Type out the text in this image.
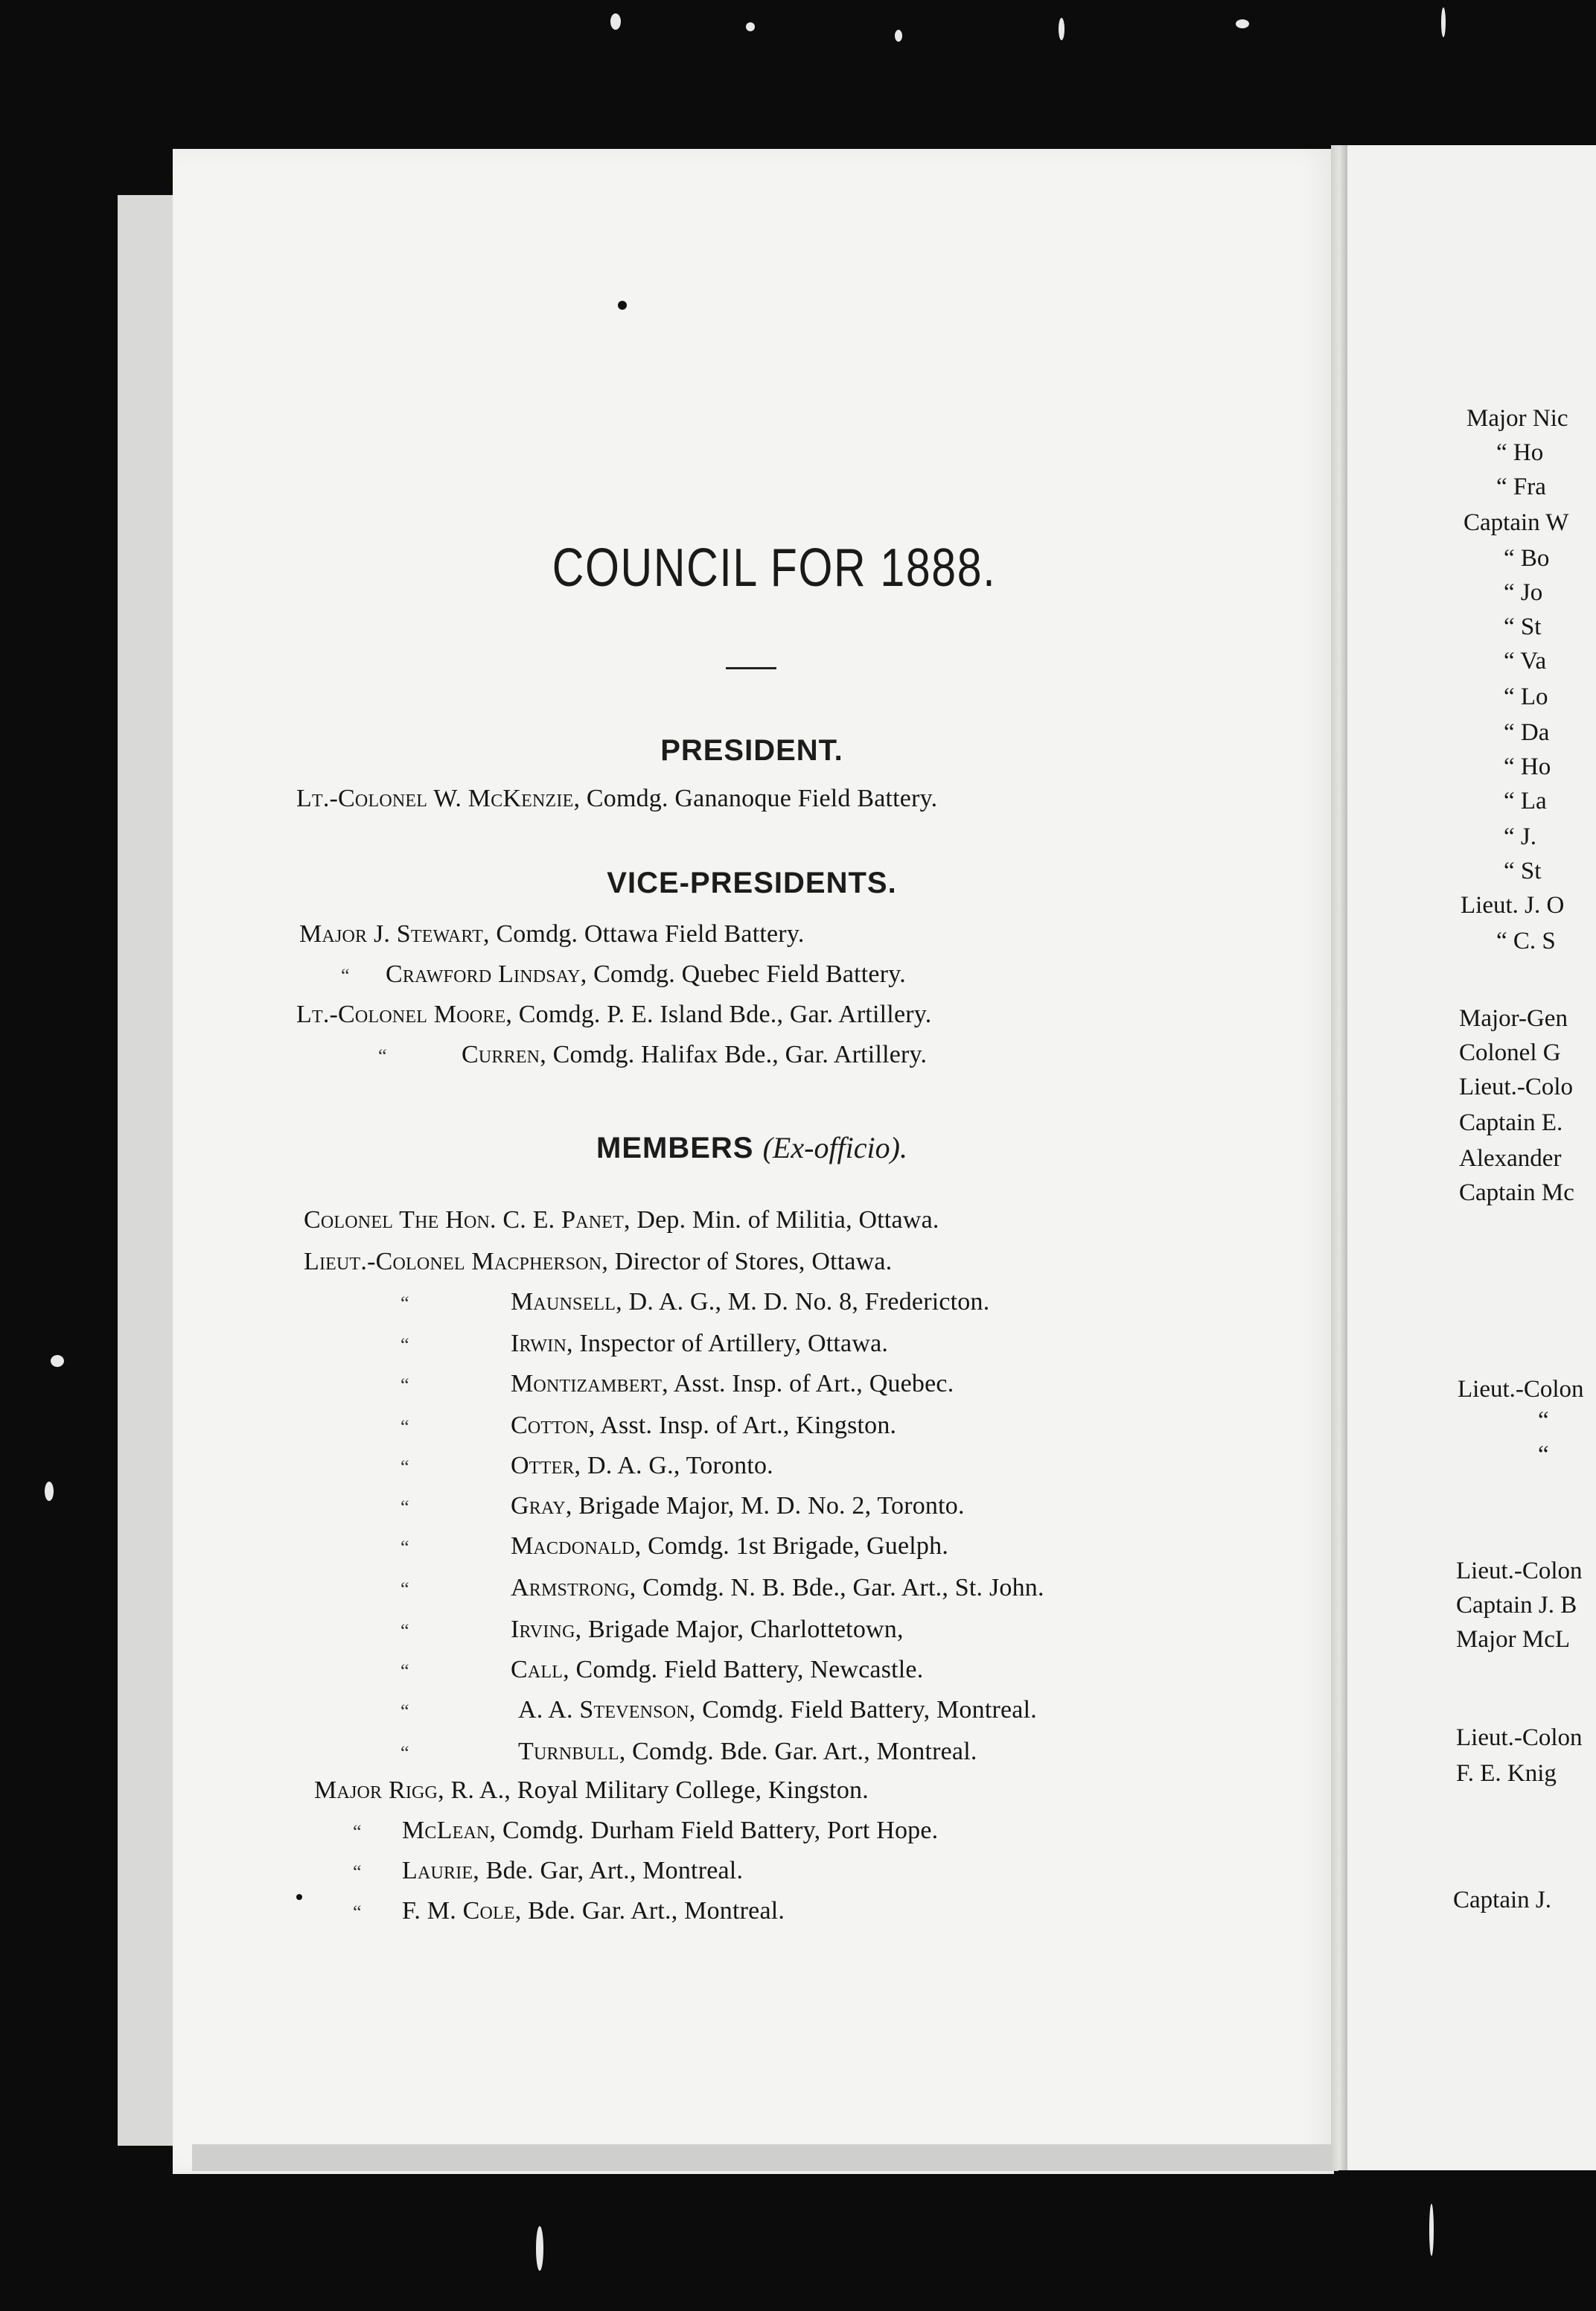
COUNCIL FOR 1888.
PRESIDENT.
Lt.-Colonel W. McKenzie, Comdg. Gananoque Field Battery.
VICE-PRESIDENTS.
Major J. Stewart, Comdg. Ottawa Field Battery.
“ Crawford Lindsay, Comdg. Quebec Field Battery.
Lt.-Colonel Moore, Comdg. P. E. Island Bde., Gar. Artillery.
“	Curren, Comdg. Halifax Bde., Gar. Artillery.
MEMBERS (Ex-officio).
Colonel The Hon. C. E. Panet, Dep. Min. of Militia, Ottawa.
Lieut.-Colonel Macpherson, Director of Stores, Ottawa.
“	Maunsell, D. A. G., M. D. No. 8, Fredericton.
“	Irwin, Inspector of Artillery, Ottawa.
“	Montizambert, Asst. Insp. of Art., Quebec.
“	Cotton, Asst. Insp. of Art., Kingston.
“	Otter, D. A. G., Toronto.
“	Gray, Brigade Major, M. D. No. 2, Toronto.
“	Macdonald, Comdg. 1st Brigade, Guelph.
“	Armstrong, Comdg. N. B. Bde., Gar. Art., St. John.
“	Irving, Brigade Major, Charlottetown,
“	Call, Comdg. Field Battery, Newcastle.
“	A. A. Stevenson, Comdg. Field Battery, Montreal.
“	Turnbull, Comdg. Bde. Gar. Art., Montreal.
Major Rigg, R. A., Royal Military College, Kingston.
“ McLean, Comdg. Durham Field Battery, Port Hope.
“ Laurie, Bde. Gar, Art., Montreal.
“ F. M. Cole, Bde. Gar. Art., Montreal.
Major Nic
“ Ho
“ Fra
Captain W
“ Bo
“ Jo
“ St
“ Va
“ Lo
“ Da
“ Ho
“ La
“ J.
“ St
Lieut. J. O
“ C. S
Major-Gen
Colonel G
Lieut.-Colo
Captain E.
Alexander
Captain Mc
Lieut.-Colon
“
“
Lieut.-Colon
Captain J. B
Major McL
Lieut.-Colon
F. E. Knig
Captain J.
